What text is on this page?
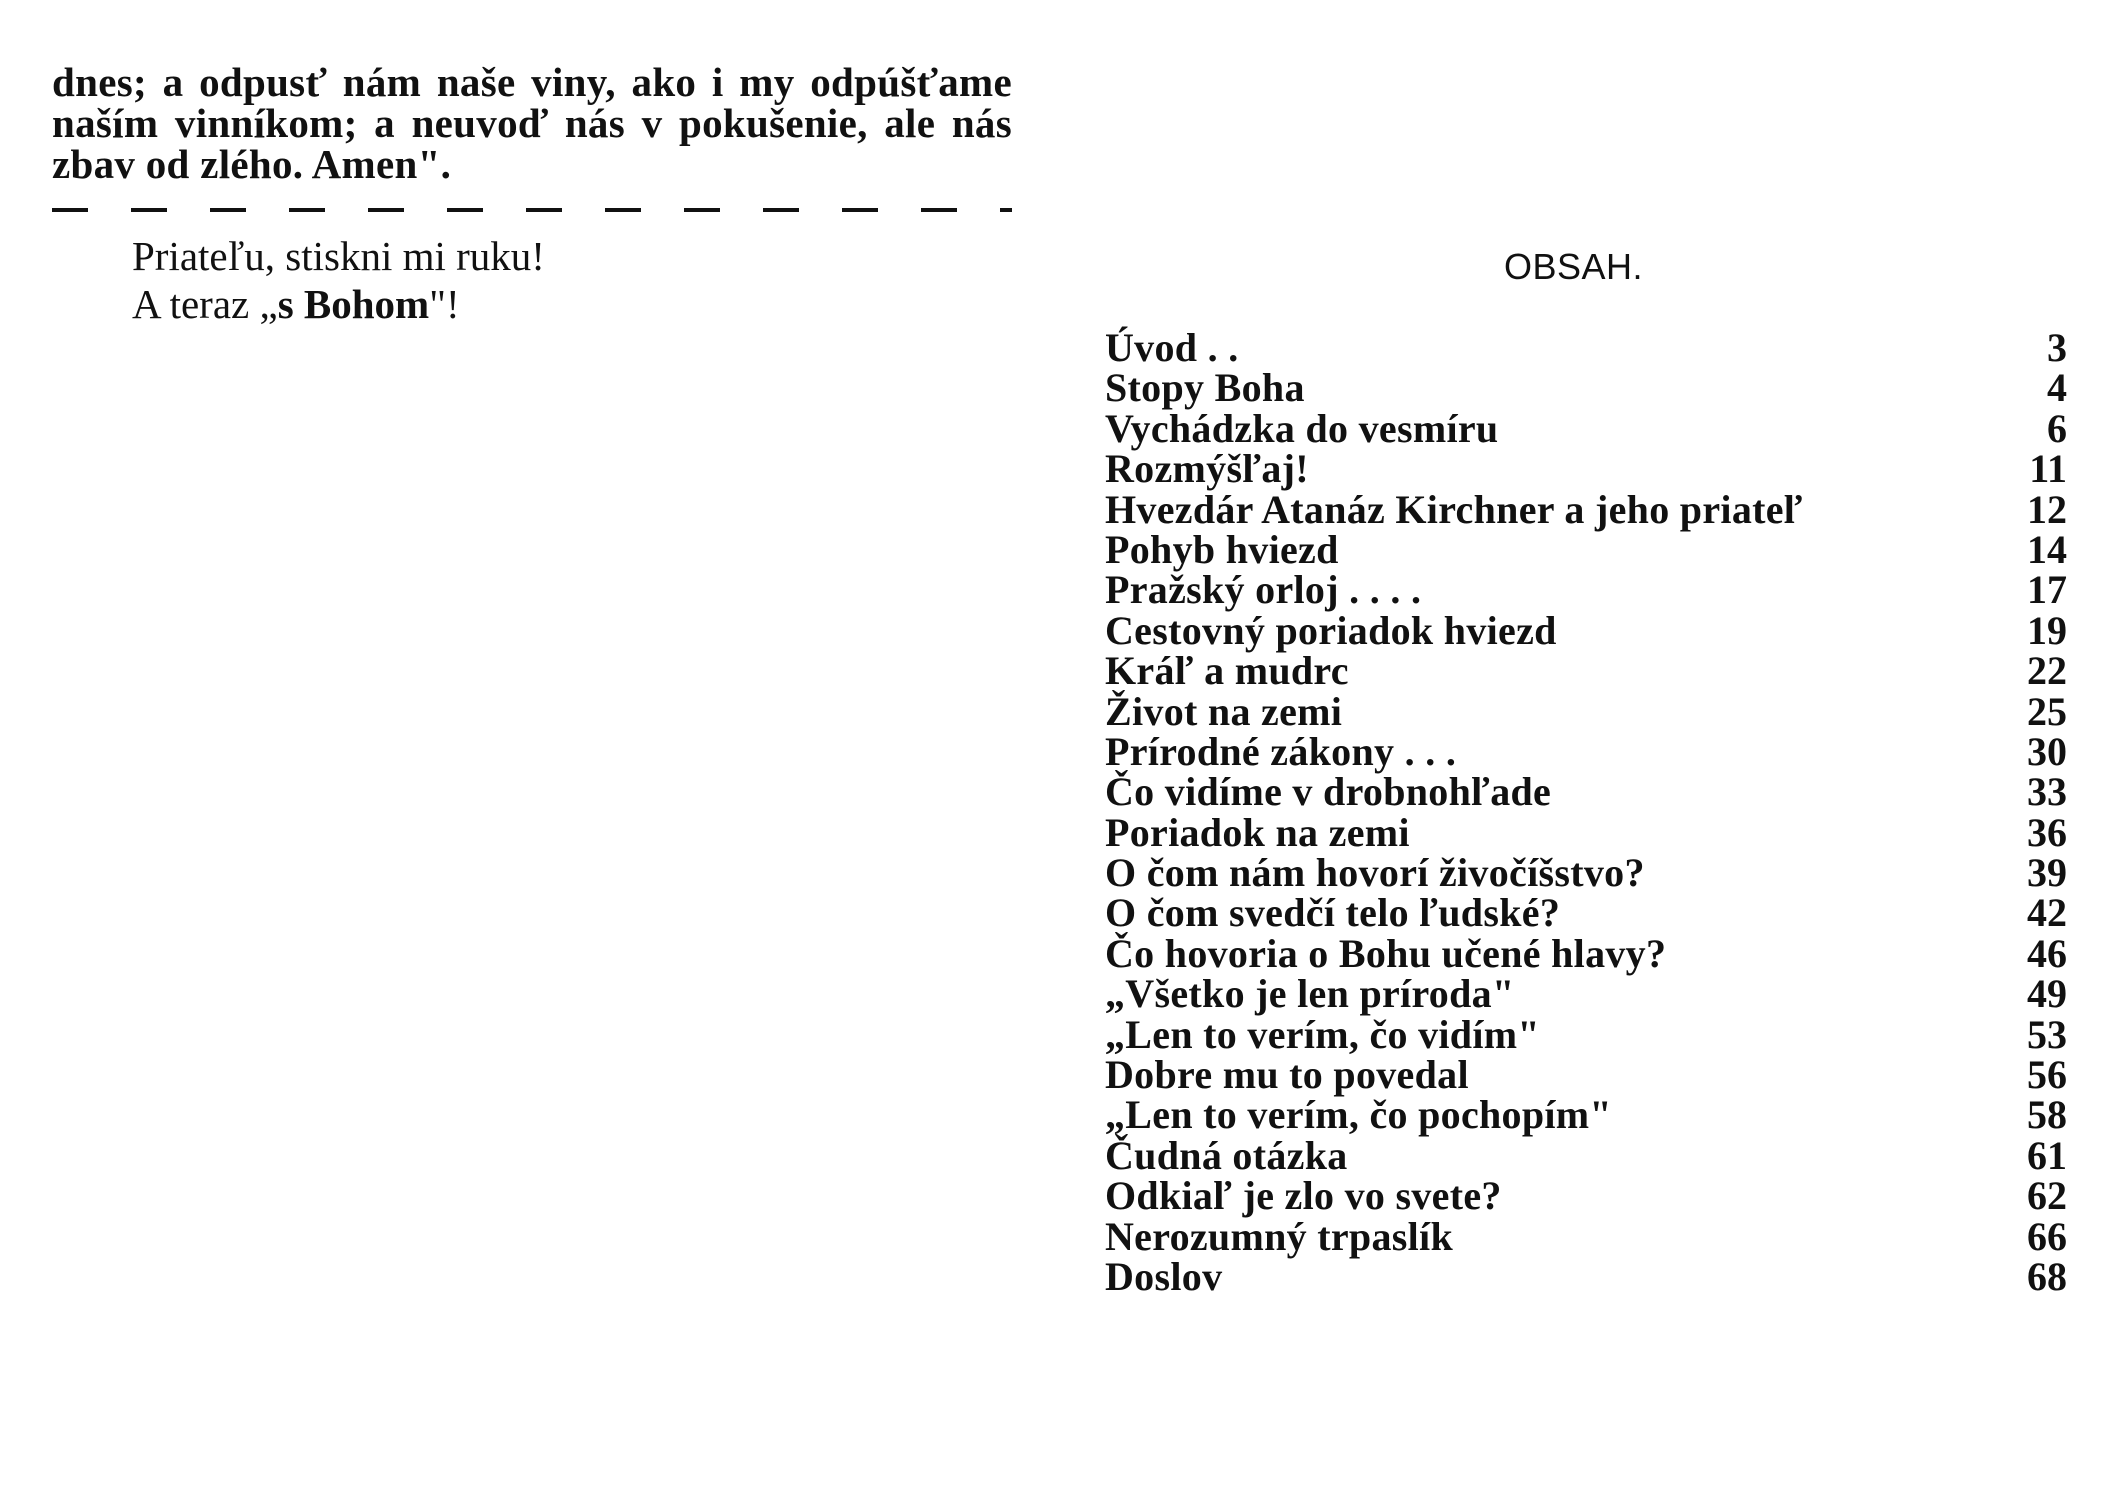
dnes; a odpusť nám naše viny, ako i my odpúšťame
naším vinníkom; a neuvoď nás v pokušenie, ale nás
zbav od zlého. Amen".

Priateľu, stiskni mi ruku!
A teraz „s Bohom"!
OBSAH.
Úvod . .	3
Stopy Boha	4
Vychádzka do vesmíru	6
Rozmýšľaj!	11
Hvezdár Atanáz Kirchner a jeho priateľ	12
Pohyb hviezd	14
Pražský orloj . . . .	17
Cestovný poriadok hviezd	19
Kráľ a mudrc	22
Život na zemi	25
Prírodné zákony . . .	30
Čo vidíme v drobnohľade	33
Poriadok na zemi	36
O čom nám hovorí živočíšstvo?	39
O čom svedčí telo ľudské?	42
Čo hovoria o Bohu učené hlavy?	46
„Všetko je len príroda"	49
„Len to verím, čo vidím"	53
Dobre mu to povedal	56
„Len to verím, čo pochopím"	58
Čudná otázka	61
Odkiaľ je zlo vo svete?	62
Nerozumný trpaslík	66
Doslov	68
